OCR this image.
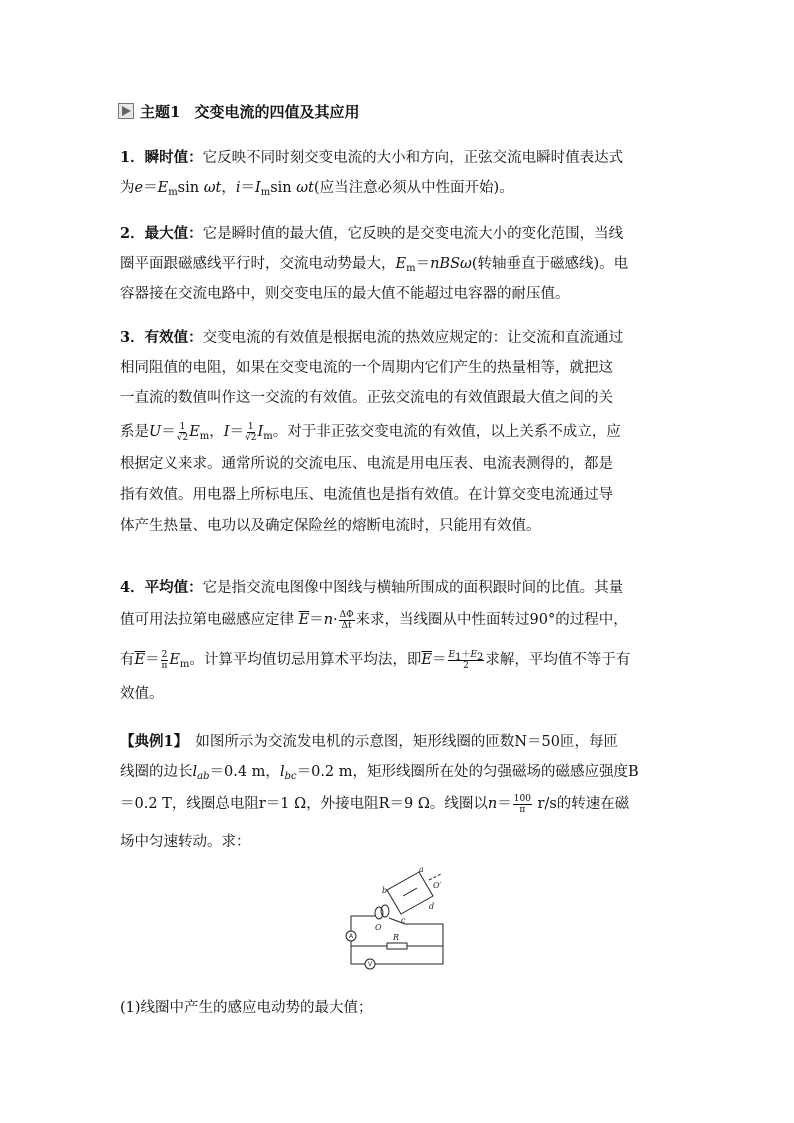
主题1 交变电流的四值及其应用
1．瞬时值：它反映不同时刻交变电流的大小和方向，正弦交流电瞬时值表达式
为$e=E_m\sin$ ωt，$i=I_m\sin$ ωt(应当注意必须从中性面开始)。
2．最大值：它是瞬时值的最大值，它反映的是交变电流大小的变化范围，当线
圈平面跟磁感线平行时，交流电动势最大，$E_m=nBS\omega$(转轴垂直于磁感线)。电
容器接在交流电路中，则交变电压的最大值不能超过电容器的耐压值。
3．有效值：交变电流的有效值是根据电流的热效应规定的：让交流和直流通过
相同阻值的电阻，如果在交变电流的一个周期内它们产生的热量相等，就把这
一直流的数值叫作这一交流的有效值。正弦交流电的有效值跟最大值之间的关
系是$U= \frac{1}{√2} E_m$，$I= \frac{1}{√2} I_m$。对于非正弦交变电流的有效值，以上关系不成立，应
根据定义来求。通常所说的交流电压、电流是用电压表、电流表测得的，都是
指有效值。用电器上所标电压、电流值也是指有效值。在计算交变电流通过导
体产生热量、电功以及确定保险丝的熔断电流时，只能用有效值。
4．平均值：它是指交流电图像中图线与横轴所围成的面积跟时间的比值。其量
值可用法拉第电磁感应定律 $\overline{E}=n\cdot \frac{\Delta\Phi}{\Delta t}$ 来求，当线圈从中性面转过90°的过程中，
有$\overline{E}= \frac{2}{\pi} E_m$。计算平均值切忌用算术平均法，即$\overline{E}= \frac{E_1+E_2}{2}$ 求解，平均值不等于有
效值。
【典例1】　 如图所示为交流发电机的示意图，矩形线圈的匝数N＝50匝，每匝
线圈的边长$l_{ab}=0.4$ m，$l_{bc}=0.2$ m，矩形线圈所在处的匀强磁场的磁感应强度B
＝0.2 T，线圈总电阻r＝1 Ω，外接电阻R＝9 Ω。线圈以$n= \frac{100}{\pi} r/s$的转速在磁
场中匀速转动。求：
a
b
c
d
O
O′
R
A
V
(1)线圈中产生的感应电动势的最大值；
